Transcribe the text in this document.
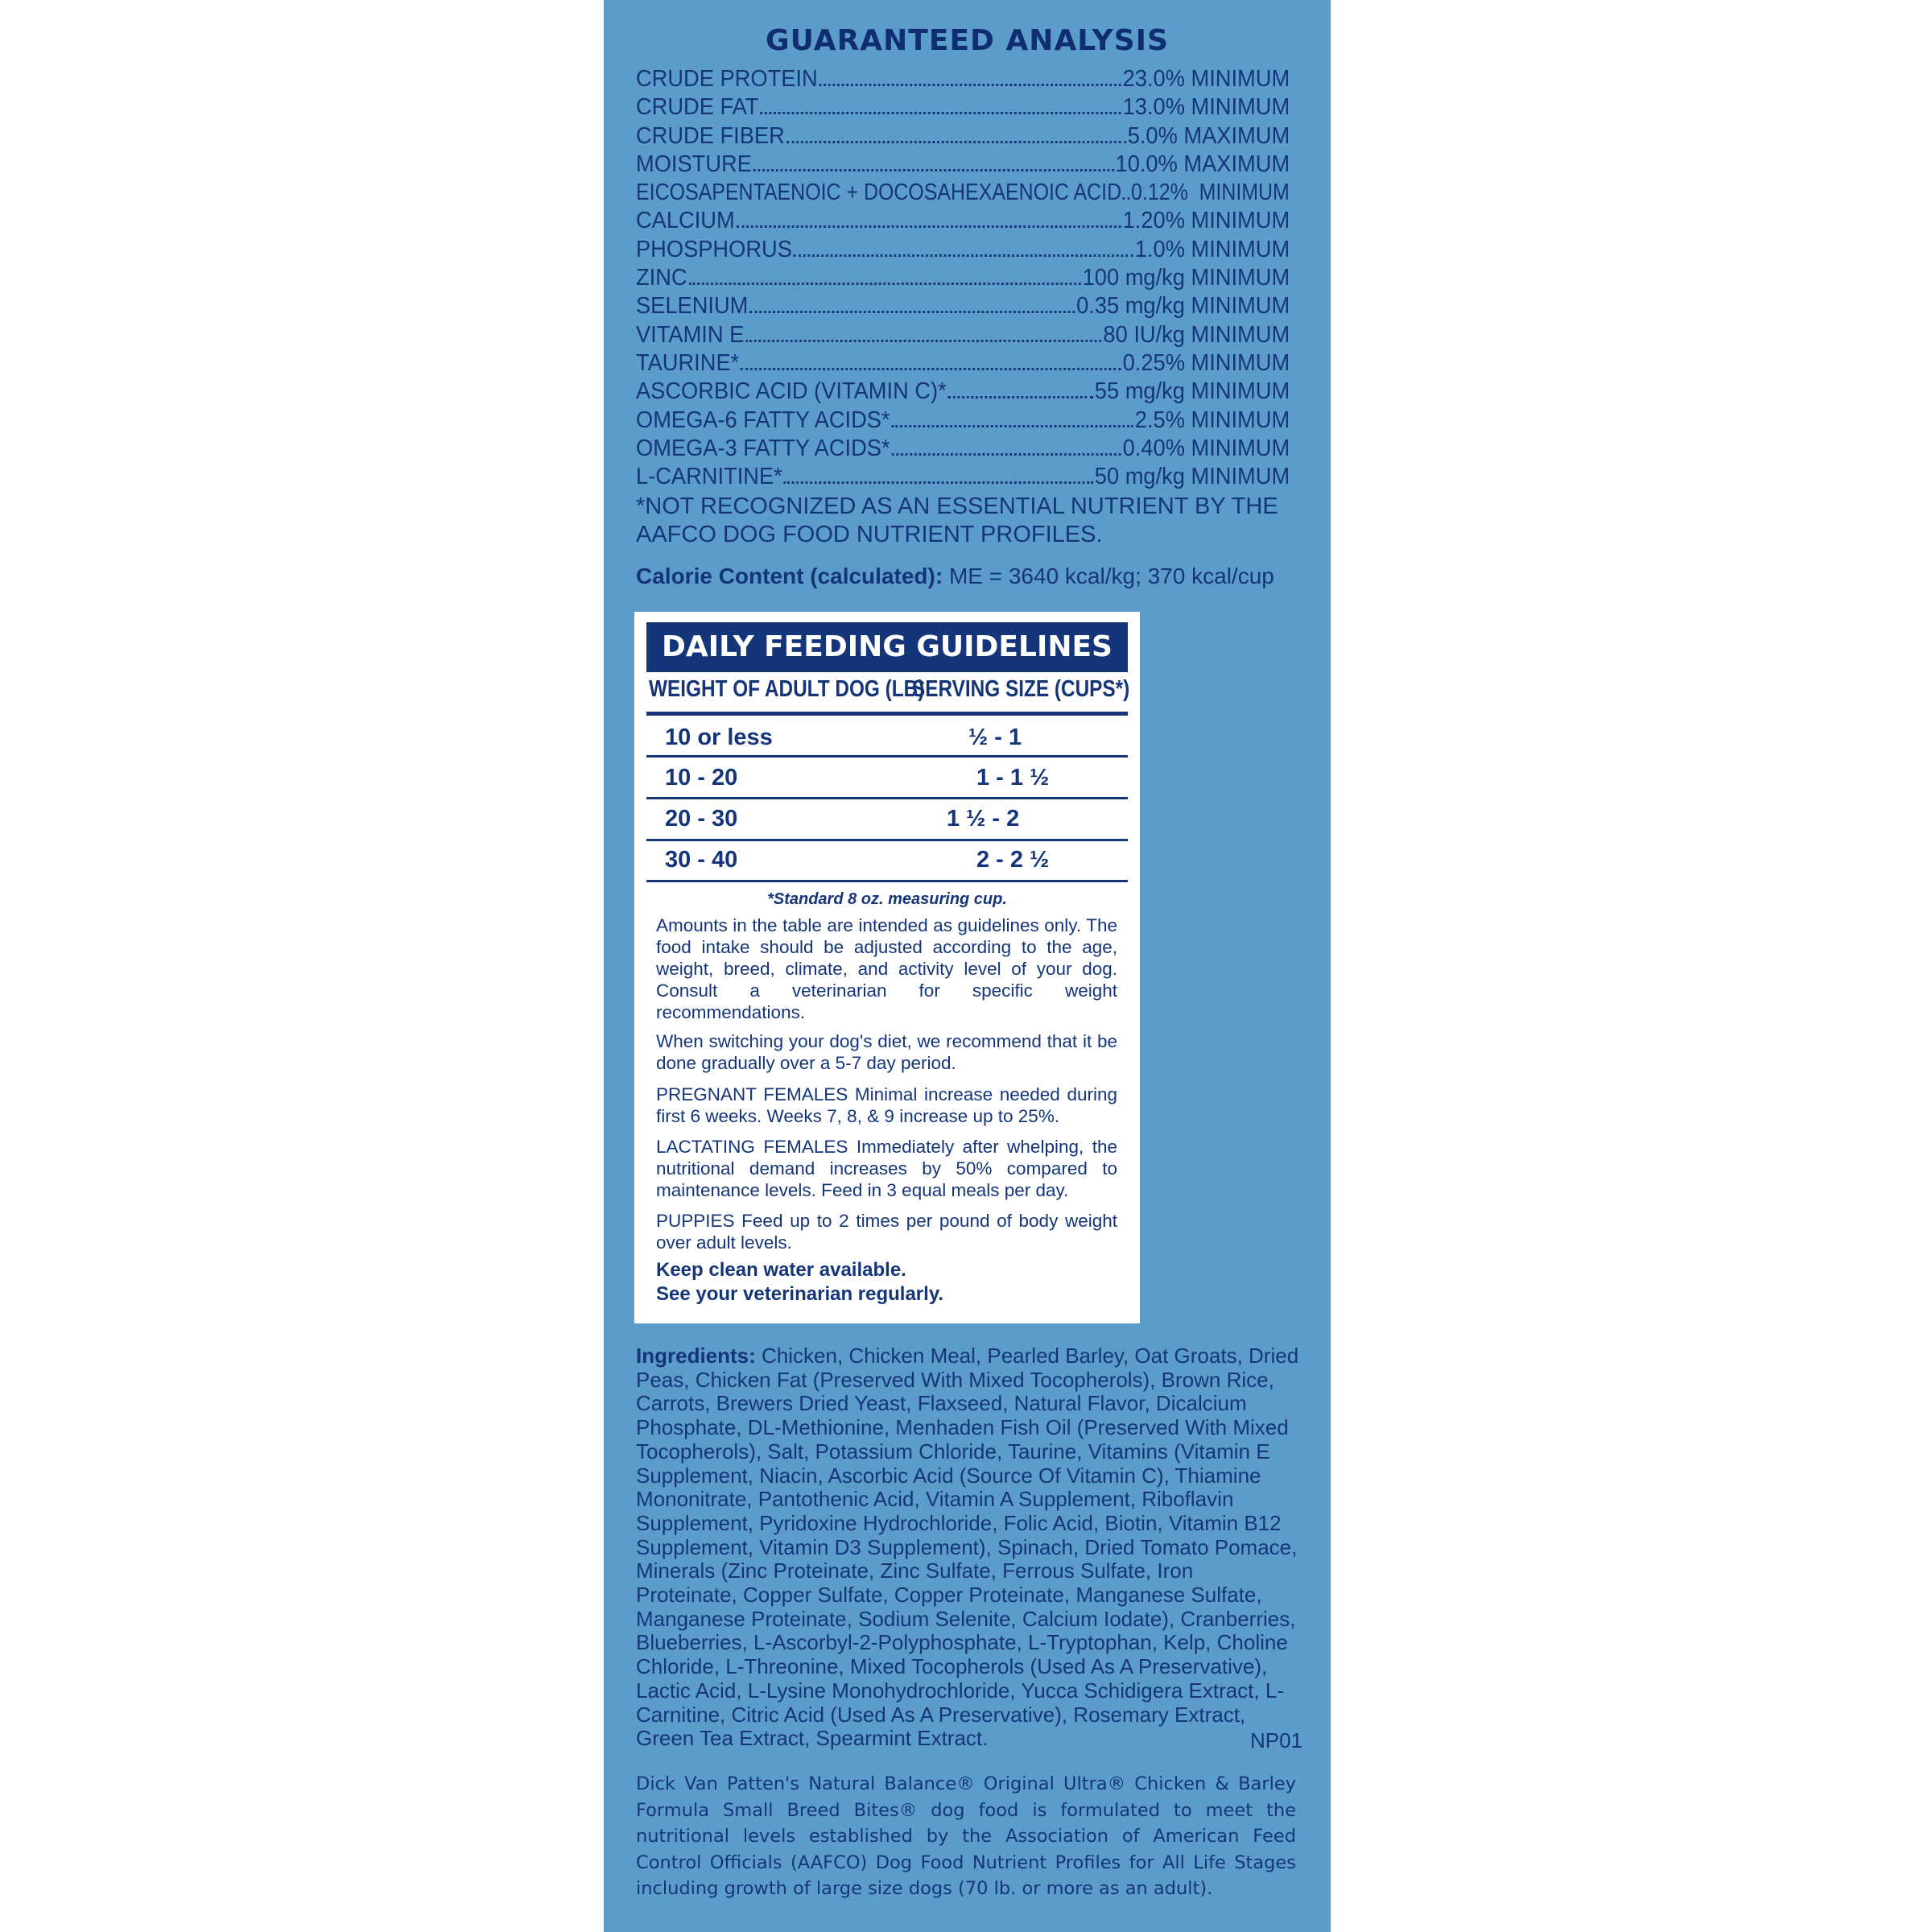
GUARANTEED ANALYSIS
CRUDE PROTEIN	23.0% MINIMUM
CRUDE FAT	13.0% MINIMUM
CRUDE FIBER	5.0% MAXIMUM
MOISTURE	10.0% MAXIMUM
EICOSAPENTAENOIC + DOCOSAHEXAENOIC ACID 0.12%  MINIMUM
CALCIUM	1.20% MINIMUM
PHOSPHORUS	1.0% MINIMUM
ZINC	100 mg/kg MINIMUM
SELENIUM	0.35 mg/kg MINIMUM
VITAMIN E	80 IU/kg MINIMUM
TAURINE*	0.25% MINIMUM
ASCORBIC ACID (VITAMIN C)*	55 mg/kg MINIMUM
OMEGA-6 FATTY ACIDS*	2.5% MINIMUM
OMEGA-3 FATTY ACIDS*	0.40% MINIMUM
L-CARNITINE*	50 mg/kg MINIMUM
*NOT RECOGNIZED AS AN ESSENTIAL NUTRIENT BY THE AAFCO DOG FOOD NUTRIENT PROFILES.
Calorie Content (calculated): ME = 3640 kcal/kg; 370 kcal/cup
DAILY FEEDING GUIDELINES
WEIGHT OF ADULT DOG (LB)
SERVING SIZE (CUPS*)
10 or less	½ - 1
10 - 20	1 - 1 ½
20 - 30	1 ½ - 2
30 - 40	2 - 2 ½
*Standard 8 oz. measuring cup.
Amounts in the table are intended as guidelines only. The food intake should be adjusted according to the age, weight, breed, climate, and activity level of your dog. Consult a veterinarian for specific weight recommendations.
When switching your dog's diet, we recommend that it be done gradually over a 5-7 day period.
PREGNANT FEMALES Minimal increase needed during first 6 weeks. Weeks 7, 8, & 9 increase up to 25%.
LACTATING FEMALES Immediately after whelping, the nutritional demand increases by 50% compared to maintenance levels. Feed in 3 equal meals per day.
PUPPIES Feed up to 2 times per pound of body weight over adult levels.
Keep clean water available.
See your veterinarian regularly.
Ingredients: Chicken, Chicken Meal, Pearled Barley, Oat Groats, Dried Peas, Chicken Fat (Preserved With Mixed Tocopherols), Brown Rice, Carrots, Brewers Dried Yeast, Flaxseed, Natural Flavor, Dicalcium Phosphate, DL-Methionine, Menhaden Fish Oil (Preserved With Mixed Tocopherols), Salt, Potassium Chloride, Taurine, Vitamins (Vitamin E Supplement, Niacin, Ascorbic Acid (Source Of Vitamin C), Thiamine Mononitrate, Pantothenic Acid, Vitamin A Supplement, Riboflavin Supplement, Pyridoxine Hydrochloride, Folic Acid, Biotin, Vitamin B12 Supplement, Vitamin D3 Supplement), Spinach, Dried Tomato Pomace, Minerals (Zinc Proteinate, Zinc Sulfate, Ferrous Sulfate, Iron Proteinate, Copper Sulfate, Copper Proteinate, Manganese Sulfate, Manganese Proteinate, Sodium Selenite, Calcium Iodate), Cranberries, Blueberries, L-Ascorbyl-2-Polyphosphate, L-Tryptophan, Kelp, Choline Chloride, L-Threonine, Mixed Tocopherols (Used As A Preservative), Lactic Acid, L-Lysine Monohydrochloride, Yucca Schidigera Extract, L-Carnitine, Citric Acid (Used As A Preservative), Rosemary Extract, Green Tea Extract, Spearmint Extract.	NP01
Dick Van Patten's Natural Balance® Original Ultra® Chicken & Barley Formula Small Breed Bites® dog food is formulated to meet the nutritional levels established by the Association of American Feed Control Officials (AAFCO) Dog Food Nutrient Profiles for All Life Stages including growth of large size dogs (70 lb. or more as an adult).
